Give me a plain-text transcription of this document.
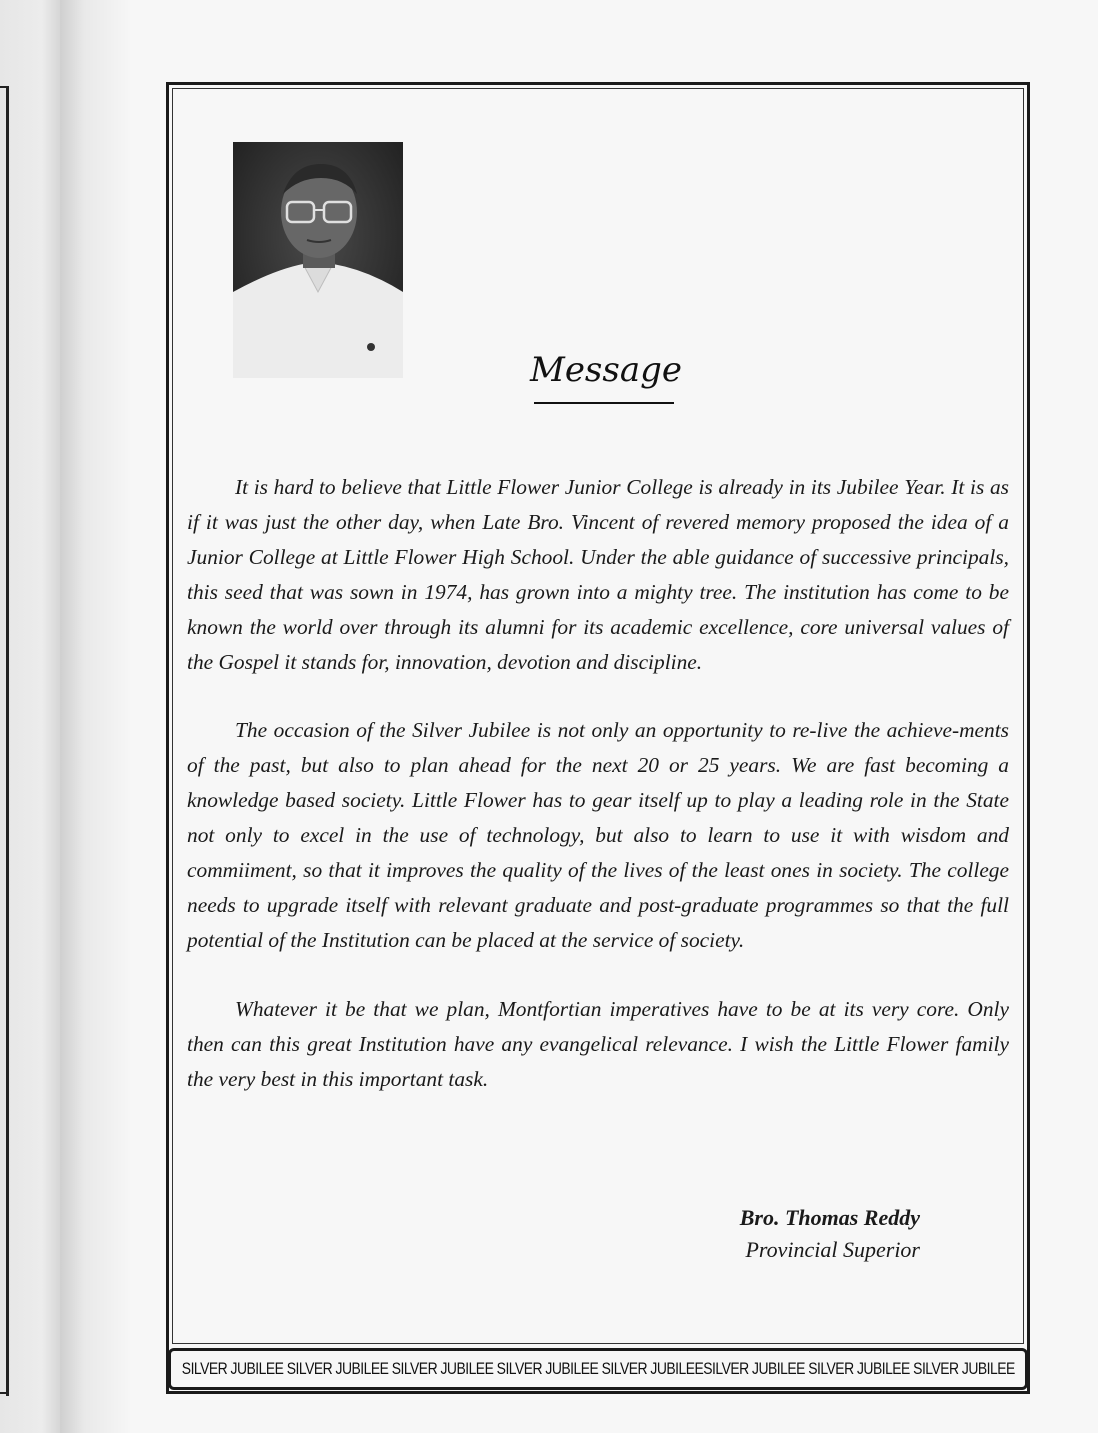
Message

It is hard to believe that Little Flower Junior College is already in its Jubilee Year. It is as if it was just the other day, when Late Bro. Vincent of revered memory proposed the idea of a Junior College at Little Flower High School. Under the able guidance of successive principals, this seed that was sown in 1974, has grown into a mighty tree. The institution has come to be known the world over through its alumni for its academic excellence, core universal values of the Gospel it stands for, innovation, devotion and discipline.

The occasion of the Silver Jubilee is not only an opportunity to re-live the achieve-ments of the past, but also to plan ahead for the next 20 or 25 years. We are fast becoming a knowledge based society. Little Flower has to gear itself up to play a leading role in the State not only to excel in the use of technology, but also to learn to use it with wisdom and commiiment, so that it improves the quality of the lives of the least ones in society. The college needs to upgrade itself with relevant graduate and post-graduate programmes so that the full potential of the Institution can be placed at the service of society.

Whatever it be that we plan, Montfortian imperatives have to be at its very core. Only then can this great Institution have any evangelical relevance. I wish the Little Flower family the very best in this important task.

Bro. Thomas Reddy
Provincial Superior
SILVER JUBILEE SILVER JUBILEE SILVER JUBILEE SILVER JUBILEE SILVER JUBILEESILVER JUBILEE SILVER JUBILEE SILVER JUBILEE
